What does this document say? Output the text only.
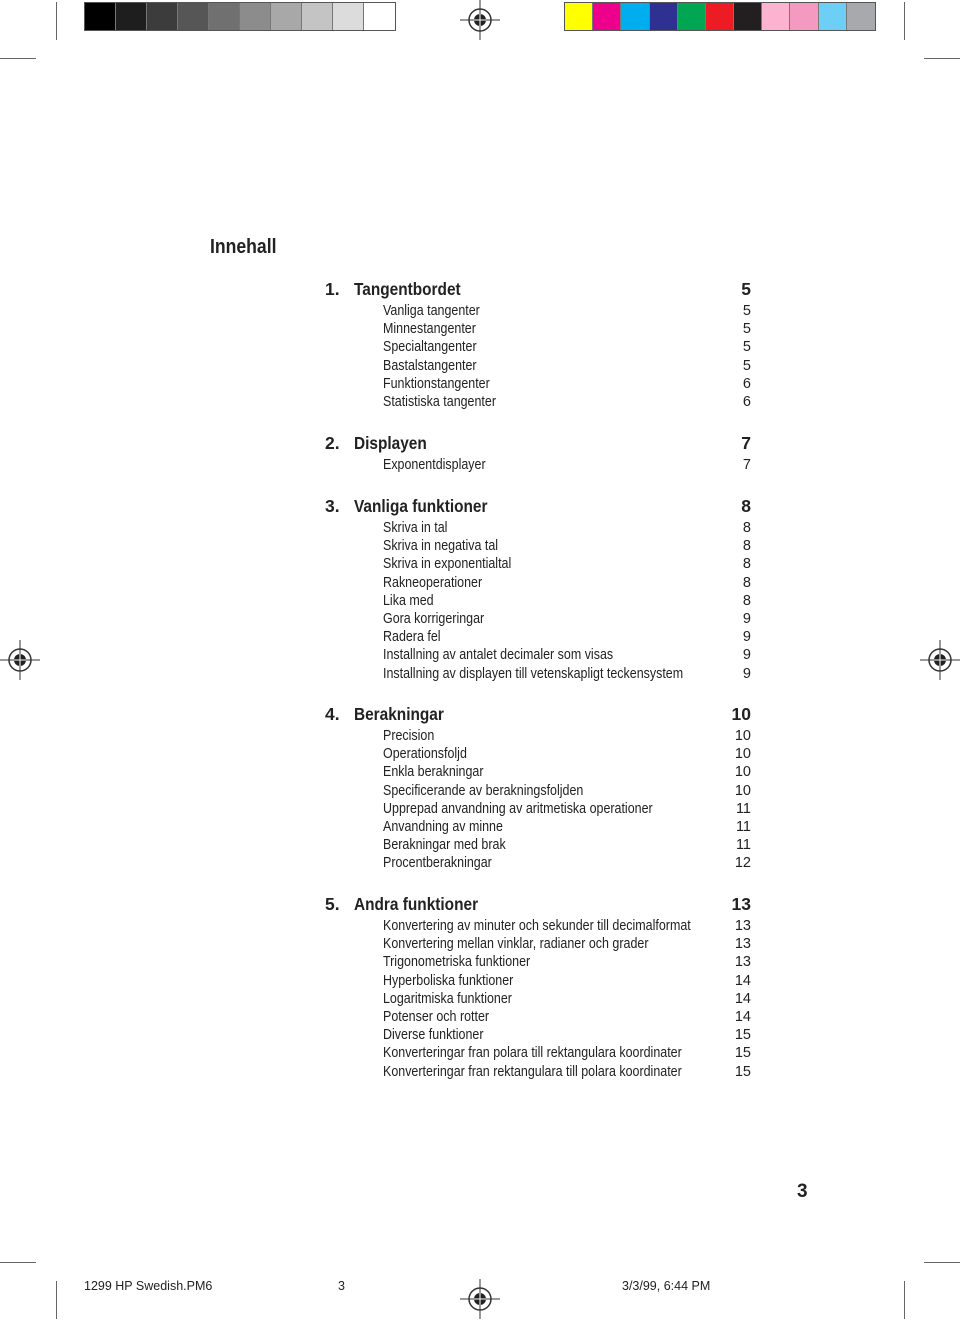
Innehall
1. Tangentbordet	5
Vanliga tangenter	5
Minnestangenter	5
Specialtangenter	5
Bastalstangenter	5
Funktionstangenter	6
Statistiska tangenter	6
2. Displayen	7
Exponentdisplayer	7
3. Vanliga funktioner	8
Skriva in tal	8
Skriva in negativa tal	8
Skriva in exponentialtal	8
Rakneoperationer	8
Lika med	8
Gora korrigeringar	9
Radera fel	9
Installning av antalet decimaler som visas	9
Installning av displayen till vetenskapligt teckensystem	9
4. Berakningar	10
Precision	10
Operationsfoljd	10
Enkla berakningar	10
Specificerande av berakningsfoljden	10
Upprepad anvandning av aritmetiska operationer	11
Anvandning av minne	11
Berakningar med brak	11
Procentberakningar	12
5. Andra funktioner	13
Konvertering av minuter och sekunder till decimalformat	13
Konvertering mellan vinklar, radianer och grader	13
Trigonometriska funktioner	13
Hyperboliska funktioner	14
Logaritmiska funktioner	14
Potenser och rotter	14
Diverse funktioner	15
Konverteringar fran polara till rektangulara koordinater	15
Konverteringar fran rektangulara till polara koordinater	15
3
1299 HP Swedish.PM6	3	3/3/99, 6:44 PM
